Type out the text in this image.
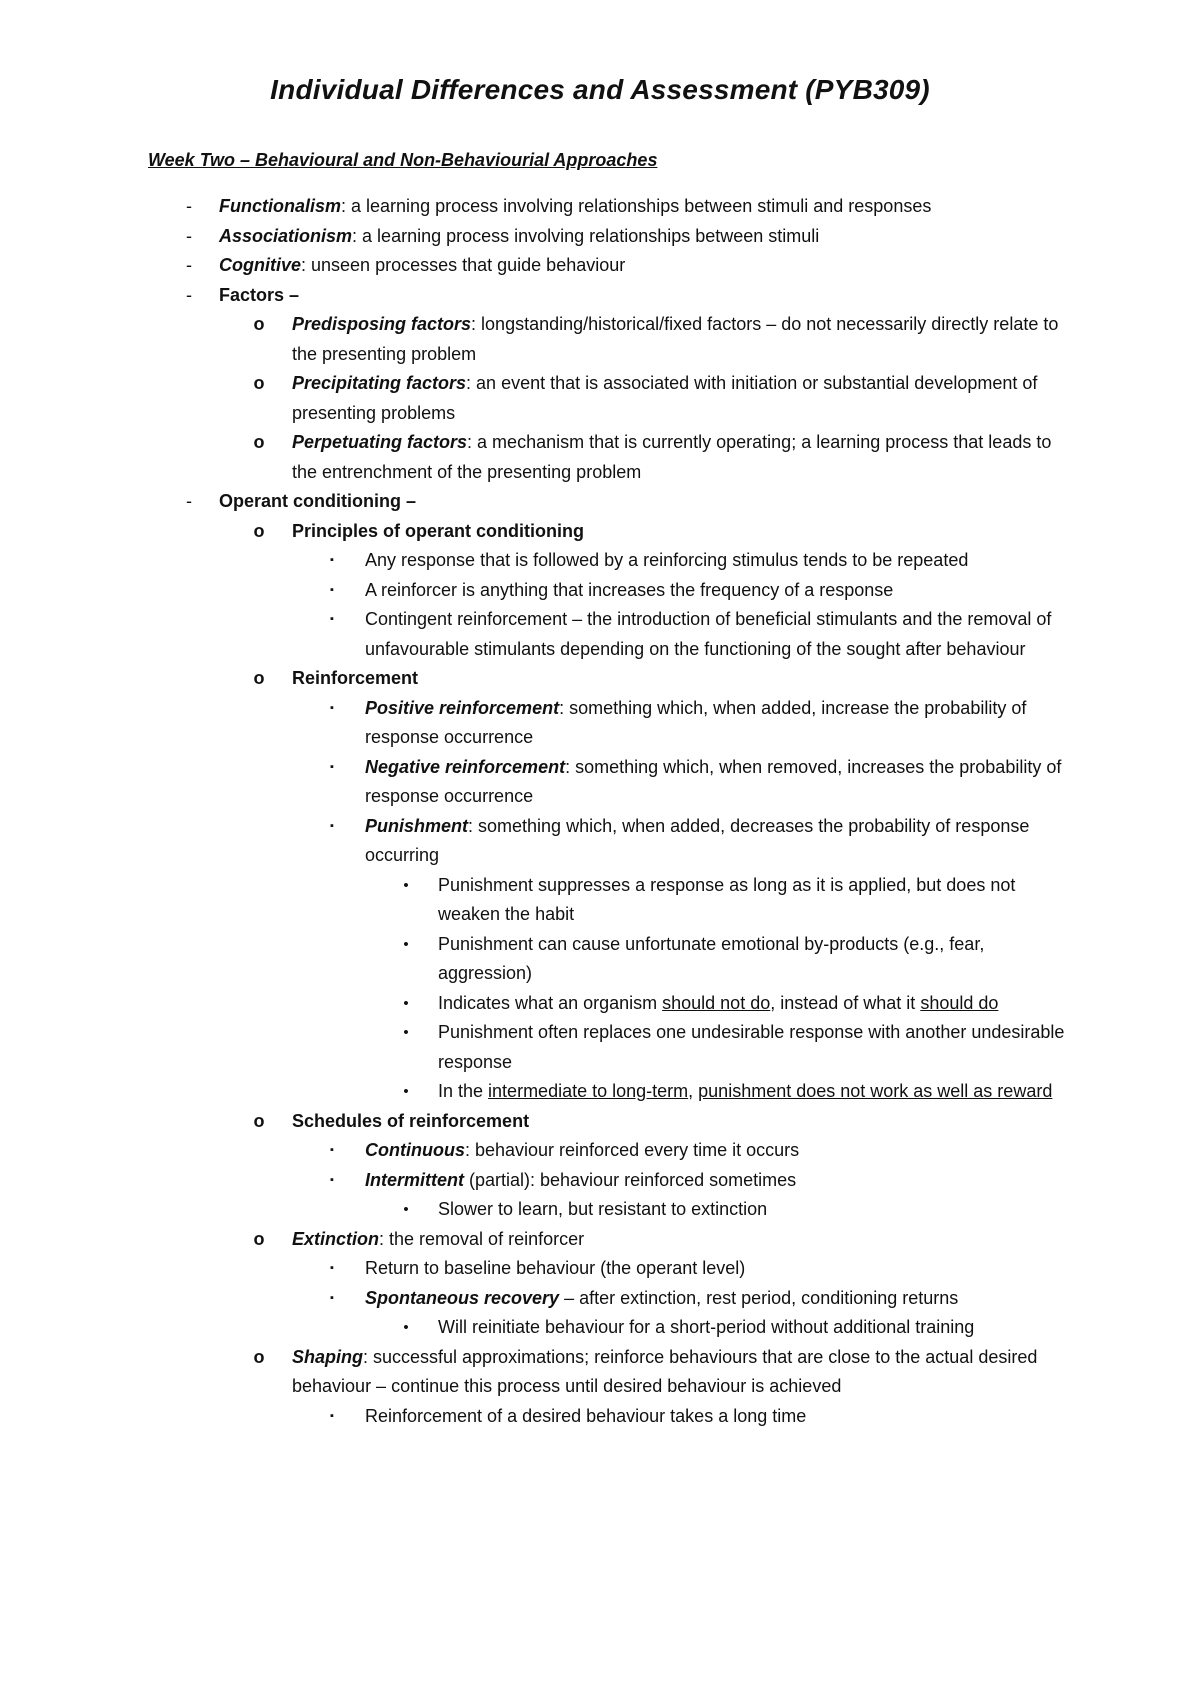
Individual Differences and Assessment (PYB309)
Week Two – Behavioural and Non-Behaviourial Approaches
- Functionalism: a learning process involving relationships between stimuli and responses
- Associationism: a learning process involving relationships between stimuli
- Cognitive: unseen processes that guide behaviour
- Factors –
o Predisposing factors: longstanding/historical/fixed factors – do not necessarily directly relate to the presenting problem
o Precipitating factors: an event that is associated with initiation or substantial development of presenting problems
o Perpetuating factors: a mechanism that is currently operating; a learning process that leads to the entrenchment of the presenting problem
- Operant conditioning –
o Principles of operant conditioning
▪ Any response that is followed by a reinforcing stimulus tends to be repeated
▪ A reinforcer is anything that increases the frequency of a response
▪ Contingent reinforcement – the introduction of beneficial stimulants and the removal of unfavourable stimulants depending on the functioning of the sought after behaviour
o Reinforcement
▪ Positive reinforcement: something which, when added, increase the probability of response occurrence
▪ Negative reinforcement: something which, when removed, increases the probability of response occurrence
▪ Punishment: something which, when added, decreases the probability of response occurring
• Punishment suppresses a response as long as it is applied, but does not weaken the habit
• Punishment can cause unfortunate emotional by-products (e.g., fear, aggression)
• Indicates what an organism should not do, instead of what it should do
• Punishment often replaces one undesirable response with another undesirable response
• In the intermediate to long-term, punishment does not work as well as reward
o Schedules of reinforcement
▪ Continuous: behaviour reinforced every time it occurs
▪ Intermittent (partial): behaviour reinforced sometimes
• Slower to learn, but resistant to extinction
o Extinction: the removal of reinforcer
▪ Return to baseline behaviour (the operant level)
▪ Spontaneous recovery – after extinction, rest period, conditioning returns
• Will reinitiate behaviour for a short-period without additional training
o Shaping: successful approximations; reinforce behaviours that are close to the actual desired behaviour – continue this process until desired behaviour is achieved
▪ Reinforcement of a desired behaviour takes a long time
